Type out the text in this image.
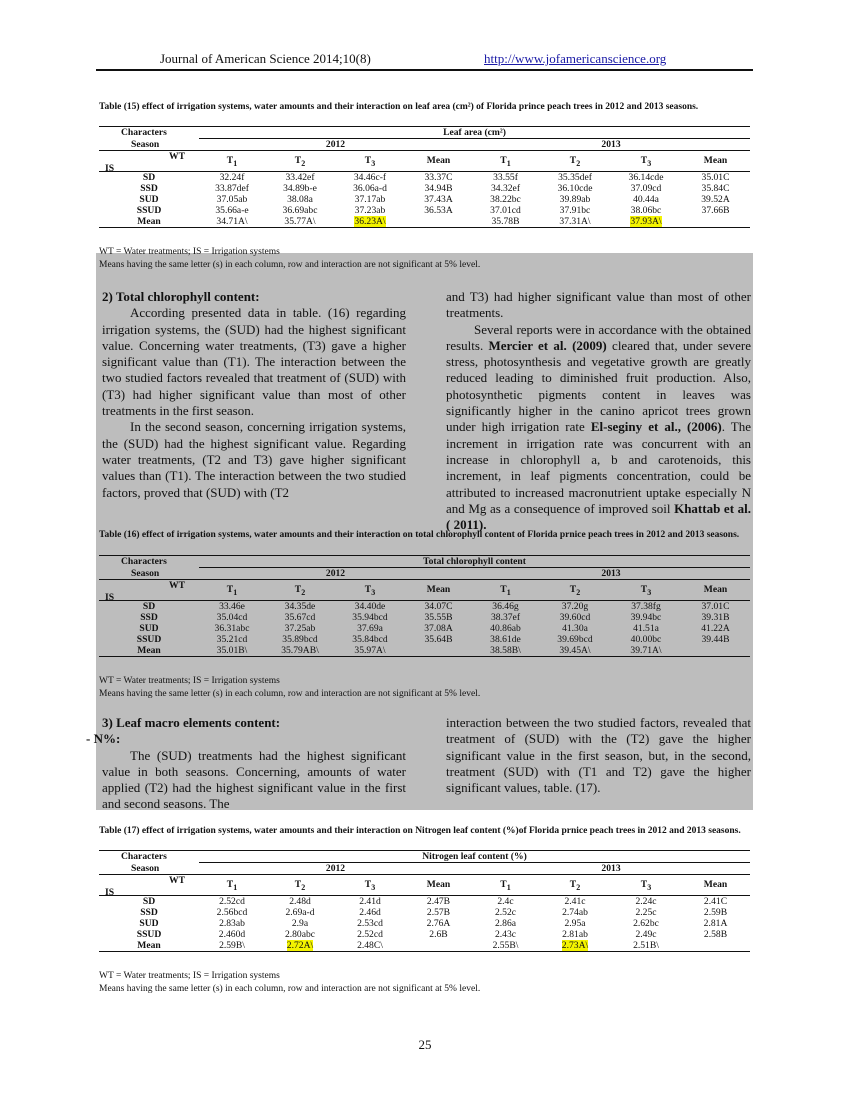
Journal of American Science 2014;10(8)	http://www.jofamericanscience.org
Table (15) effect of irrigation systems, water amounts and their interaction on leaf area (cm²) of Florida prince peach trees in 2012 and 2013 seasons.
Characters	Leaf area (cm²)							
Season	2012				2013			

WT
IS	$T_1$	$T_2$	$T_3$	Mean	$T_1$	$T_2$	$T_3$	Mean
SD	32.24f	33.42ef	34.46c-f	33.37C	33.55f	35.35def	36.14cde	35.01C
SSD	33.87def	34.89b-e	36.06a-d	34.94B	34.32ef	36.10cde	37.09cd	35.84C
SUD	37.05ab	38.08a	37.17ab	37.43A	38.22bc	39.89ab	40.44a	39.52A
SSUD	35.66a-e	36.69abc	37.23ab	36.53A	37.01cd	37.91bc	38.06bc	37.66B
Mean	34.71A\	35.77A\	36.23A\		35.78B	37.31A\	37.93A\	
WT = Water treatments; IS = Irrigation systems
Means having the same letter (s) in each column, row and interaction are not significant at 5% level.

2) Total chlorophyll content:

According presented data in table. (16) regarding irrigation systems, the (SUD) had the highest significant value. Concerning water treatments, (T3) gave a higher significant value than (T1). The interaction between the two studied factors revealed that treatment of (SUD) with (T3) had higher significant value than most of other treatments in the first season.

In the second season, concerning irrigation systems, the (SUD) had the highest significant value. Regarding water treatments, (T2 and T3) gave higher significant values than (T1). The interaction between the two studied factors, proved that (SUD) with (T2

and T3) had higher significant value than most of other treatments.

Several reports were in accordance with the obtained results. Mercier et al. (2009) cleared that, under severe stress, photosynthesis and vegetative growth are greatly reduced leading to diminished fruit production. Also, photosynthetic pigments content in leaves was significantly higher in the canino apricot trees grown under high irrigation rate El-seginy et al., (2006). The increment in irrigation rate was concurrent with an increase in chlorophyll a, b and carotenoids, this increment, in leaf pigments concentration, could be attributed to increased macronutrient uptake especially N and Mg as a consequence of improved soil Khattab et al. ( 2011).

Table (16) effect of irrigation systems, water amounts and their interaction on total chlorophyll content of Florida prnice peach trees in 2012 and 2013 seasons.
Characters	Total chlorophyll content							
Season	2012				2013			

WT
IS	$T_1$	$T_2$	$T_3$	Mean	$T_1$	$T_2$	$T_3$	Mean
SD	33.46e	34.35de	34.40de	34.07C	36.46g	37.20g	37.38fg	37.01C
SSD	35.04cd	35.67cd	35.94bcd	35.55B	38.37ef	39.60cd	39.94bc	39.31B
SUD	36.31abc	37.25ab	37.69a	37.08A	40.86ab	41.30a	41.51a	41.22A
SSUD	35.21cd	35.89bcd	35.84bcd	35.64B	38.61de	39.69bcd	40.00bc	39.44B
Mean	35.01B\	35.79AB\	35.97A\		38.58B\	39.45A\	39.71A\	
WT = Water treatments; IS = Irrigation systems
Means having the same letter (s) in each column, row and interaction are not significant at 5% level.

3) Leaf macro elements content:

- N%:

The (SUD) treatments had the highest significant value in both seasons. Concerning, amounts of water applied (T2) had the highest significant value in the first and second seasons. The

interaction between the two studied factors, revealed that treatment of (SUD) with the (T2) gave the higher significant value in the first season, but, in the second, treatment (SUD) with (T1 and T2) gave the higher significant values, table. (17).

Table (17) effect of irrigation systems, water amounts and their interaction on Nitrogen leaf content (%)of Florida prnice peach trees in 2012 and 2013 seasons.
Characters	Nitrogen leaf content (%)							
Season	2012				2013			

WT
IS	$T_1$	$T_2$	$T_3$	Mean	$T_1$	$T_2$	$T_3$	Mean
SD	2.52cd	2.48d	2.41d	2.47B	2.4c	2.41c	2.24c	2.41C
SSD	2.56bcd	2.69a-d	2.46d	2.57B	2.52c	2.74ab	2.25c	2.59B
SUD	2.83ab	2.9a	2.53cd	2.76A	2.86a	2.95a	2.62bc	2.81A
SSUD	2.460d	2.80abc	2.52cd	2.6B	2.43c	2.81ab	2.49c	2.58B
Mean	2.59B\	2.72A\	2.48C\		2.55B\	2.73A\	2.51B\	
WT = Water treatments; IS = Irrigation systems
Means having the same letter (s) in each column, row and interaction are not significant at 5% level.
25
